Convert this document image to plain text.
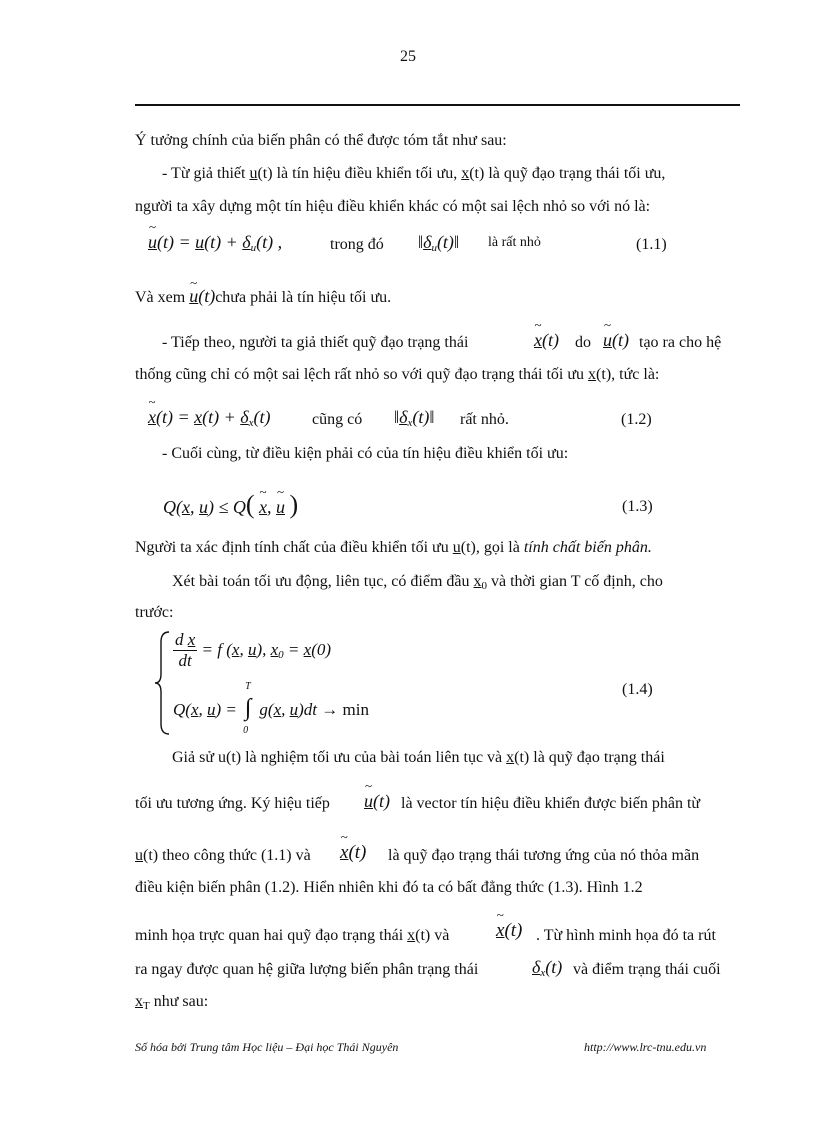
25
Ý tưởng chính của biến phân có thể được tóm tắt như sau:
- Từ giả thiết u(t) là tín hiệu điều khiển tối ưu, x(t) là quỹ đạo trạng thái tối ưu,
người ta xây dựng một tín hiệu điều khiển khác có một sai lệch nhỏ so với nó là:
~ $u(t) = u(t) + \delta_u(t)$ ,	trong đó $‖\delta_u(t)‖$ là rất nhỏ	(1.1)
Và xem ~ u(t)chưa phải là tín hiệu tối ưu.
- Tiếp theo, người ta giả thiết quỹ đạo trạng thái	~ x(t) do ~ u(t) tạo ra cho hệ
thống cũng chỉ có một sai lệch rất nhỏ so với quỹ đạo trạng thái tối ưu x(t), tức là:
~ $x(t) = x(t) + \delta_x(t)$	cũng có $‖\delta_x(t)‖$ rất nhỏ.	(1.2)
- Cuối cùng, từ điều kiện phải có của tín hiệu điều khiển tối ưu:
Q(x, u) ≤ Q( ~ x, ~ u )	(1.3)
Người ta xác định tính chất của điều khiển tối ưu u(t), gọi là tính chất biến phân.
Xét bài toán tối ưu động, liên tục, có điểm đầu $x_0$ và thời gian T cố định, cho
trước:
$\frac{\text{d x}}{dt} = f$ (x, u), $x_0 = x(0)$
Q(x, u) =
T
∫
0
g(x, u)dt → min
(1.4)
Giả sử u(t) là nghiệm tối ưu của bài toán liên tục và x(t) là quỹ đạo trạng thái
tối ưu tương ứng. Ký hiệu tiếp ~ u(t) là vector tín hiệu điều khiển được biến phân từ
u(t) theo công thức (1.1) và ~ x(t) là quỹ đạo trạng thái tương ứng của nó thỏa mãn
điều kiện biến phân (1.2). Hiển nhiên khi đó ta có bất đẳng thức (1.3). Hình 1.2
minh họa trực quan hai quỹ đạo trạng thái x(t) và ~ x(t) . Từ hình minh họa đó ta rút
ra ngay được quan hệ giữa lượng biến phân trạng thái	$\delta_x(t)$ và điểm trạng thái cuối
$x_T$ như sau:
Số hóa bởi Trung tâm Học liệu – Đại học Thái Nguyên	http://www.lrc-tnu.edu.vn
